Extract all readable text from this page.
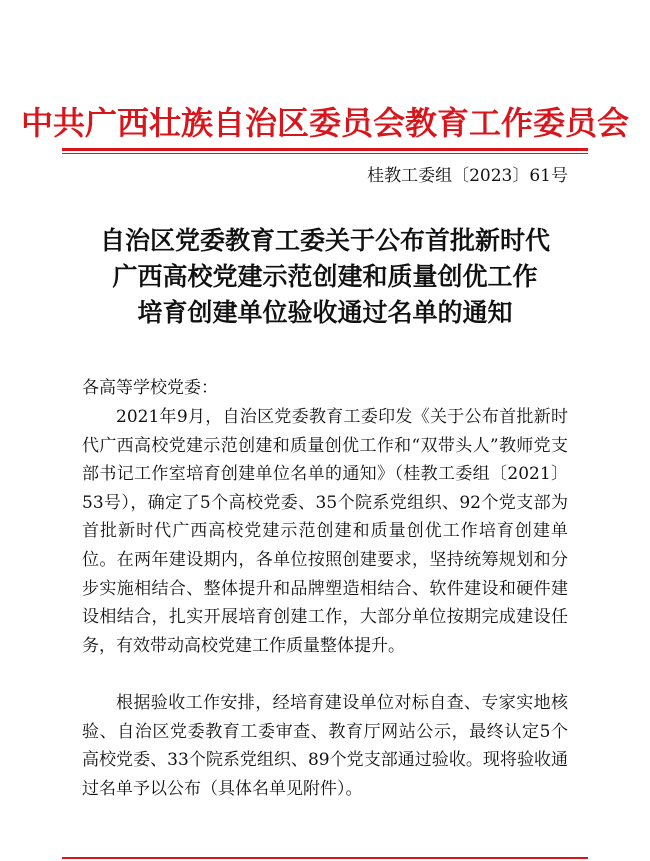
中共广西壮族自治区委员会教育工作委员会
桂教工委组〔2023〕61号
自治区党委教育工委关于公布首批新时代
广西高校党建示范创建和质量创优工作
培育创建单位验收通过名单的通知
各高等学校党委：

2021年9月，自治区党委教育工委印发《关于公布首批新时代广西高校党建示范创建和质量创优工作和“双带头人”教师党支部书记工作室培育创建单位名单的通知》（桂教工委组〔2021〕53号），确定了5个高校党委、35个院系党组织、92个党支部为首批新时代广西高校党建示范创建和质量创优工作培育创建单位。在两年建设期内，各单位按照创建要求，坚持统筹规划和分步实施相结合、整体提升和品牌塑造相结合、软件建设和硬件建设相结合，扎实开展培育创建工作，大部分单位按期完成建设任务，有效带动高校党建工作质量整体提升。

根据验收工作安排，经培育建设单位对标自查、专家实地核验、自治区党委教育工委审查、教育厅网站公示，最终认定5个高校党委、33个院系党组织、89个党支部通过验收。现将验收通过名单予以公布（具体名单见附件）。
